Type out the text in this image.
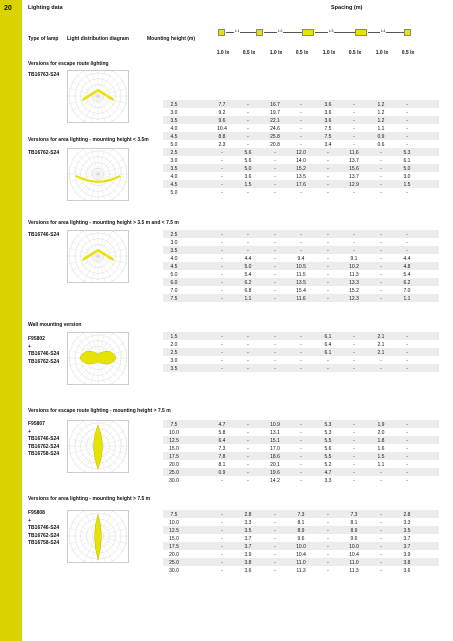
20	Lighting data	Spacing (m)
Type of lamp Light distribution diagram	Mounting height (m)
L1	L2	L3	L4
1.0 lx	0.5 lx	1.0 lx	0.5 lx	1.0 lx	0.5 lx	1.0 lx	0.5 lx
Versions for escape route lighting
TB16763-S24
2.5	7.7	-	16.7	-	3.6	-	1.2	-
3.0	9.2	-	19.7	-	3.6	-	1.2	-
3.5	9.6	-	22.1	-	3.6	-	1.2	-
4.0	10.4	-	24.6	-	7.5	-	1.1	-
4.5	8.8	-	25.8	-	7.5	-	0.9	-
5.0	2.3	-	20.8	-	3.4	-	0.6	-
Versions for area lighting - mounting height < 3.5m
TB16762-S24	2.5	-	5.6	-	12.0	-	11.6	-	5.3
3.0	-	5.6	-	14.0	-	13.7	-	6.1
3.5	-	5.0	-	15.2	-	15.6	-	5.0
4.0	-	3.6	-	13.5	-	13.7	-	3.0
4.5	-	1.5	-	17.6	-	12.9	-	1.5
5.0	-	-	-	-	-	-	-	-
Versions for area lighting - mounting height > 3.5 m and < 7.5 m
TB16746-S24	2.5	-	-	-	-	-	-	-	-
3.0	-	-	-	-	-	-	-	-
3.5	-	-	-	-	-	-	-	-
4.0	-	4.4	-	9.4	-	9.1	-	4.4
4.5	-	5.0	-	10.5	-	10.2	-	4.8
5.0	-	5.4	-	11.5	-	11.3	-	5.4
6.0	-	6.2	-	13.5	-	13.3	-	6.2
7.0	-	6.8	-	15.4	-	15.2	-	7.0
7.5	-	1.1	-	11.6	-	12.3	-	1.1
Wall mounting version
F95802
+
TB16746-S24
TB16762-S24
1.5	-	-	-	-	6.1	-	2.1	-
2.0	-	-	-	-	6.4	-	2.1	-
2.5	-	-	-	-	6.1	-	2.1	-
3.0	-	-	-	-	-	-	-	-
3.5	-	-	-	-	-	-	-	-
Versions for escape route lighting - mounting height > 7.5 m
F95807
+
TB16746-S24
TB16762-S24
TB16758-S24
7.5	4.7	-	10.9	-	5.3	-	1.9	-
10.0	5.8	-	13.1	-	5.3	-	2.0	-
12.5	6.4	-	15.1	-	5.5	-	1.8	-
15.0	7.3	-	17.0	-	5.6	-	1.6	-
17.5	7.8	-	18.6	-	5.5	-	1.5	-
20.0	8.1	-	20.1	-	5.2	-	1.1	-
25.0	0.9	-	19.6	-	4.7	-	-	-
30.0	-	-	14.2	-	3.3	-	-	-
Versions for area lighting - mounting height > 7.5 m
F95808
+
TB16746-S24
TB16762-S24
TB16758-S24
7.5	-	2.8	-	7.3	-	7.3	-	2.8
10.0	-	3.3	-	8.1	-	8.1	-	3.3
12.5	-	3.5	-	8.9	-	8.9	-	3.5
15.0	-	3.7	-	9.6	-	9.6	-	3.7
17.5	-	3.7	-	10.0	-	10.0	-	3.7
20.0	-	3.9	-	10.4	-	10.4	-	3.9
25.0	-	3.8	-	11.0	-	11.0	-	3.8
30.0	-	3.6	-	11.3	-	11.3	-	3.6
